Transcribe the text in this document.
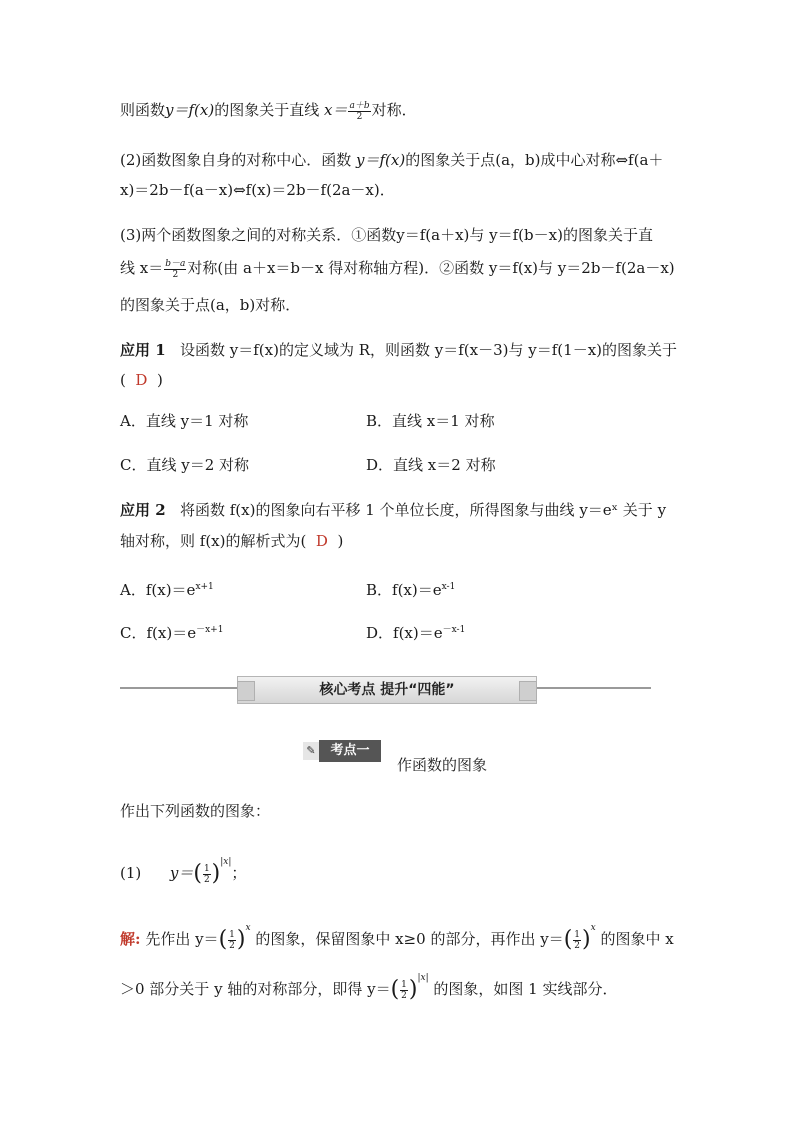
则函数y＝f(x)的图象关于直线 $x= \frac{a+b}{2}$ 对称．
(2)函数图象自身的对称中心．函数 y＝f(x)的图象关于点(a，b)成中心对称⇔f(a＋
x)＝2b－f(a－x)⇔f(x)＝2b－f(2a－x)．
(3)两个函数图象之间的对称关系．①函数y＝f(a＋x)与 y＝f(b－x)的图象关于直
线 $x= \frac{b-a}{2}$ 对称(由 a＋x＝b－x 得对称轴方程)．②函数 y＝f(x)与 y＝2b－f(2a－x)
的图象关于点(a，b)对称．
应用 1 设函数 y＝f(x)的定义域为 R，则函数 y＝f(x－3)与 y＝f(1－x)的图象关于
( D )
A．直线 y＝1 对称	B．直线 x＝1 对称
C．直线 y＝2 对称	D．直线 x＝2 对称
应用 2 将函数 f(x)的图象向右平移 1 个单位长度，所得图象与曲线 y＝eˣ 关于 y
轴对称，则 f(x)的解析式为( D )
A．$f(x)=e^{x+1}$	B．$f(x)=e^{x-1}$
C．$f(x)=e^{-x+1}$	D．$f(x)=e^{-x-1}$
核心考点 提升“四能”
✎	考点一
作函数的图象
作出下列函数的图象：
(1) $y=( \frac{1}{2} )^{|x|}$；
解: 先作出 $y=( \frac{1}{2} )^x$ 的图象，保留图象中 x≥0 的部分，再作出 $y=( \frac{1}{2} )^x$ 的图象中 x
＞0 部分关于 y 轴的对称部分，即得 $y=( \frac{1}{2} )^{|x|}$ 的图象，如图 1 实线部分．
